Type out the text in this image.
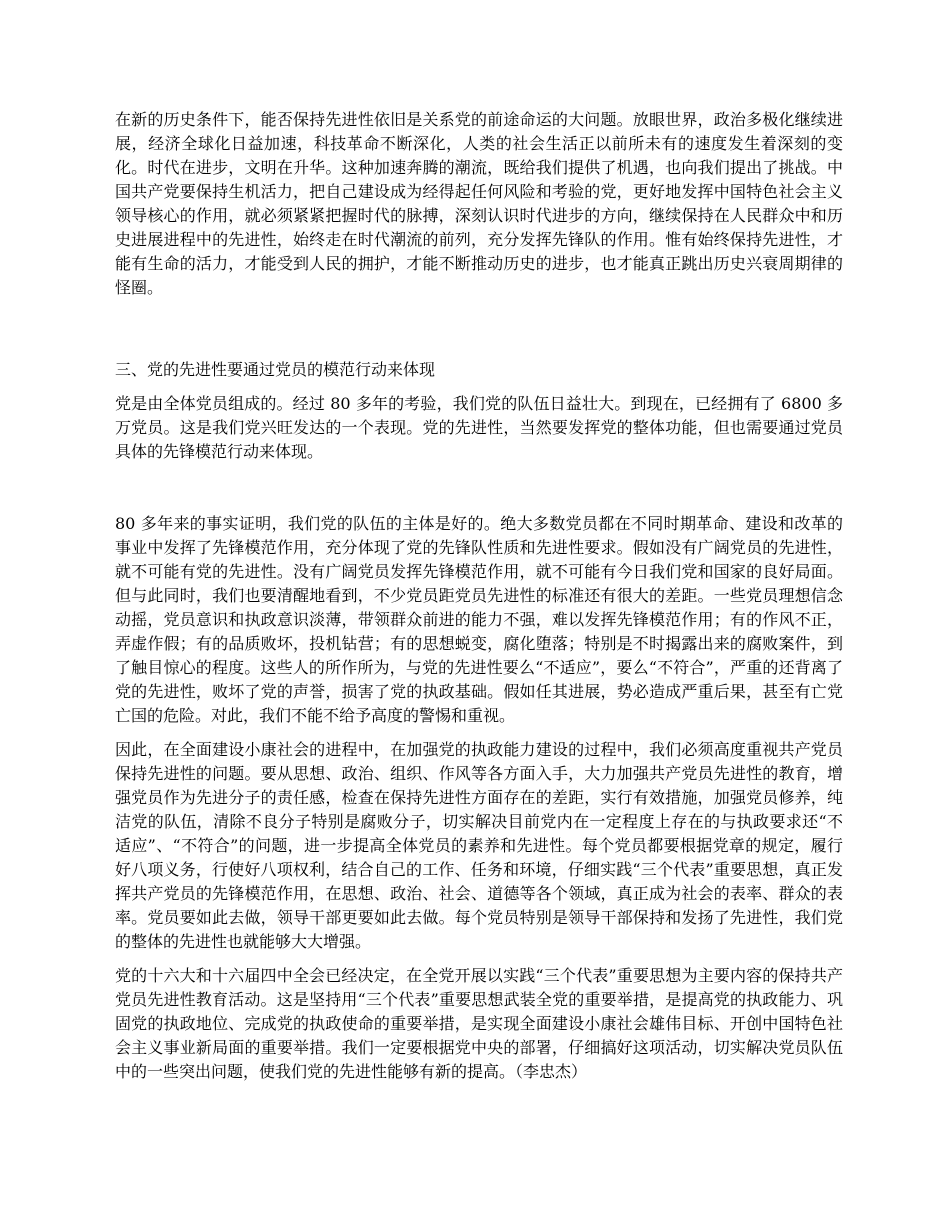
在新的历史条件下，能否保持先进性依旧是关系党的前途命运的大问题。放眼世界，政治多极化继续进展，经济全球化日益加速，科技革命不断深化，人类的社会生活正以前所未有的速度发生着深刻的变化。时代在进步，文明在升华。这种加速奔腾的潮流，既给我们提供了机遇，也向我们提出了挑战。中国共产党要保持生机活力，把自己建设成为经得起任何风险和考验的党，更好地发挥中国特色社会主义领导核心的作用，就必须紧紧把握时代的脉搏，深刻认识时代进步的方向，继续保持在人民群众中和历史进展进程中的先进性，始终走在时代潮流的前列，充分发挥先锋队的作用。惟有始终保持先进性，才能有生命的活力，才能受到人民的拥护，才能不断推动历史的进步，也才能真正跳出历史兴衰周期律的怪圈。

三、党的先进性要通过党员的模范行动来体现

党是由全体党员组成的。经过 80 多年的考验，我们党的队伍日益壮大。到现在，已经拥有了 6800 多万党员。这是我们党兴旺发达的一个表现。党的先进性，当然要发挥党的整体功能，但也需要通过党员具体的先锋模范行动来体现。

80 多年来的事实证明，我们党的队伍的主体是好的。绝大多数党员都在不同时期革命、建设和改革的事业中发挥了先锋模范作用，充分体现了党的先锋队性质和先进性要求。假如没有广阔党员的先进性，就不可能有党的先进性。没有广阔党员发挥先锋模范作用，就不可能有今日我们党和国家的良好局面。但与此同时，我们也要清醒地看到，不少党员距党员先进性的标准还有很大的差距。一些党员理想信念动摇，党员意识和执政意识淡薄，带领群众前进的能力不强，难以发挥先锋模范作用；有的作风不正，弄虚作假；有的品质败坏，投机钻营；有的思想蜕变，腐化堕落；特别是不时揭露出来的腐败案件，到了触目惊心的程度。这些人的所作所为，与党的先进性要么“不适应”，要么“不符合”，严重的还背离了党的先进性，败坏了党的声誉，损害了党的执政基础。假如任其进展，势必造成严重后果，甚至有亡党亡国的危险。对此，我们不能不给予高度的警惕和重视。

因此，在全面建设小康社会的进程中，在加强党的执政能力建设的过程中，我们必须高度重视共产党员保持先进性的问题。要从思想、政治、组织、作风等各方面入手，大力加强共产党员先进性的教育，增强党员作为先进分子的责任感，检查在保持先进性方面存在的差距，实行有效措施，加强党员修养，纯洁党的队伍，清除不良分子特别是腐败分子，切实解决目前党内在一定程度上存在的与执政要求还“不适应”、“不符合”的问题，进一步提高全体党员的素养和先进性。每个党员都要根据党章的规定，履行好八项义务，行使好八项权利，结合自己的工作、任务和环境，仔细实践“三个代表”重要思想，真正发挥共产党员的先锋模范作用，在思想、政治、社会、道德等各个领域，真正成为社会的表率、群众的表率。党员要如此去做，领导干部更要如此去做。每个党员特别是领导干部保持和发扬了先进性，我们党的整体的先进性也就能够大大增强。

党的十六大和十六届四中全会已经决定，在全党开展以实践“三个代表”重要思想为主要内容的保持共产党员先进性教育活动。这是坚持用“三个代表”重要思想武装全党的重要举措，是提高党的执政能力、巩固党的执政地位、完成党的执政使命的重要举措，是实现全面建设小康社会雄伟目标、开创中国特色社会主义事业新局面的重要举措。我们一定要根据党中央的部署，仔细搞好这项活动，切实解决党员队伍中的一些突出问题，使我们党的先进性能够有新的提高。（李忠杰）
